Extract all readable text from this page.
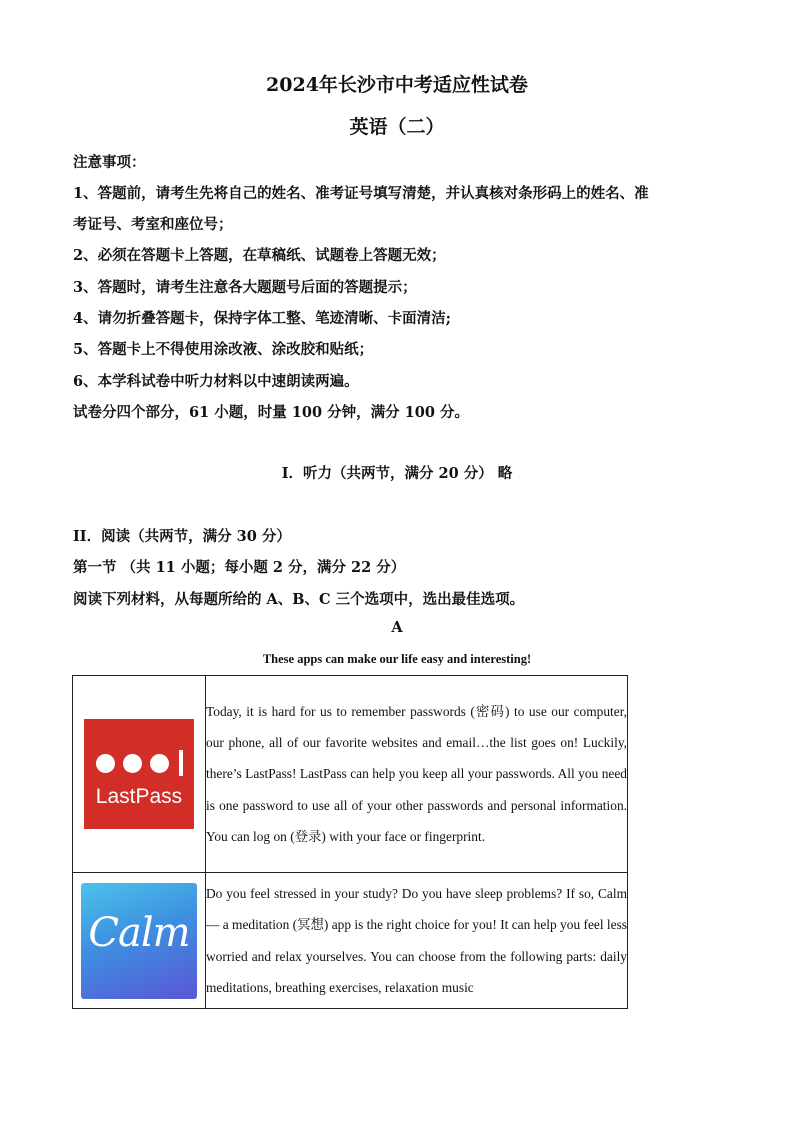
2024年长沙市中考适应性试卷
英语（二）
注意事项：
1、答题前，请考生先将自己的姓名、准考证号填写清楚，并认真核对条形码上的姓名、准
考证号、考室和座位号；
2、必须在答题卡上答题，在草稿纸、试题卷上答题无效；
3、答题时，请考生注意各大题题号后面的答题提示；
4、请勿折叠答题卡，保持字体工整、笔迹清晰、卡面清洁;
5、答题卡上不得使用涂改液、涂改胶和贴纸；
6、本学科试卷中听力材料以中速朗读两遍。
试卷分四个部分，61 小题，时量 100 分钟，满分 100 分。
I．听力（共两节，满分 20 分） 略
II．阅读（共两节，满分 30 分）
第一节 （共 11 小题；每小题 2 分，满分 22 分）
阅读下列材料，从每题所给的 A、B、C 三个选项中，选出最佳选项。
A
These apps can make our life easy and interesting!
LastPass	Today, it is hard for us to remember passwords (密码) to use our computer, our phone, all of our favorite websites and email…the list goes on! Luckily, there’s LastPass! LastPass can help you keep all your passwords. All you need is one password to use all of your other passwords and personal information. You can log on (登录) with your face or fingerprint.

Calm	Do you feel stressed in your study? Do you have sleep problems? If so, Calm — a meditation (冥想) app is the right choice for you! It can help you feel less worried and relax yourselves. You can choose from the following parts: daily meditations, breathing exercises, relaxation music
